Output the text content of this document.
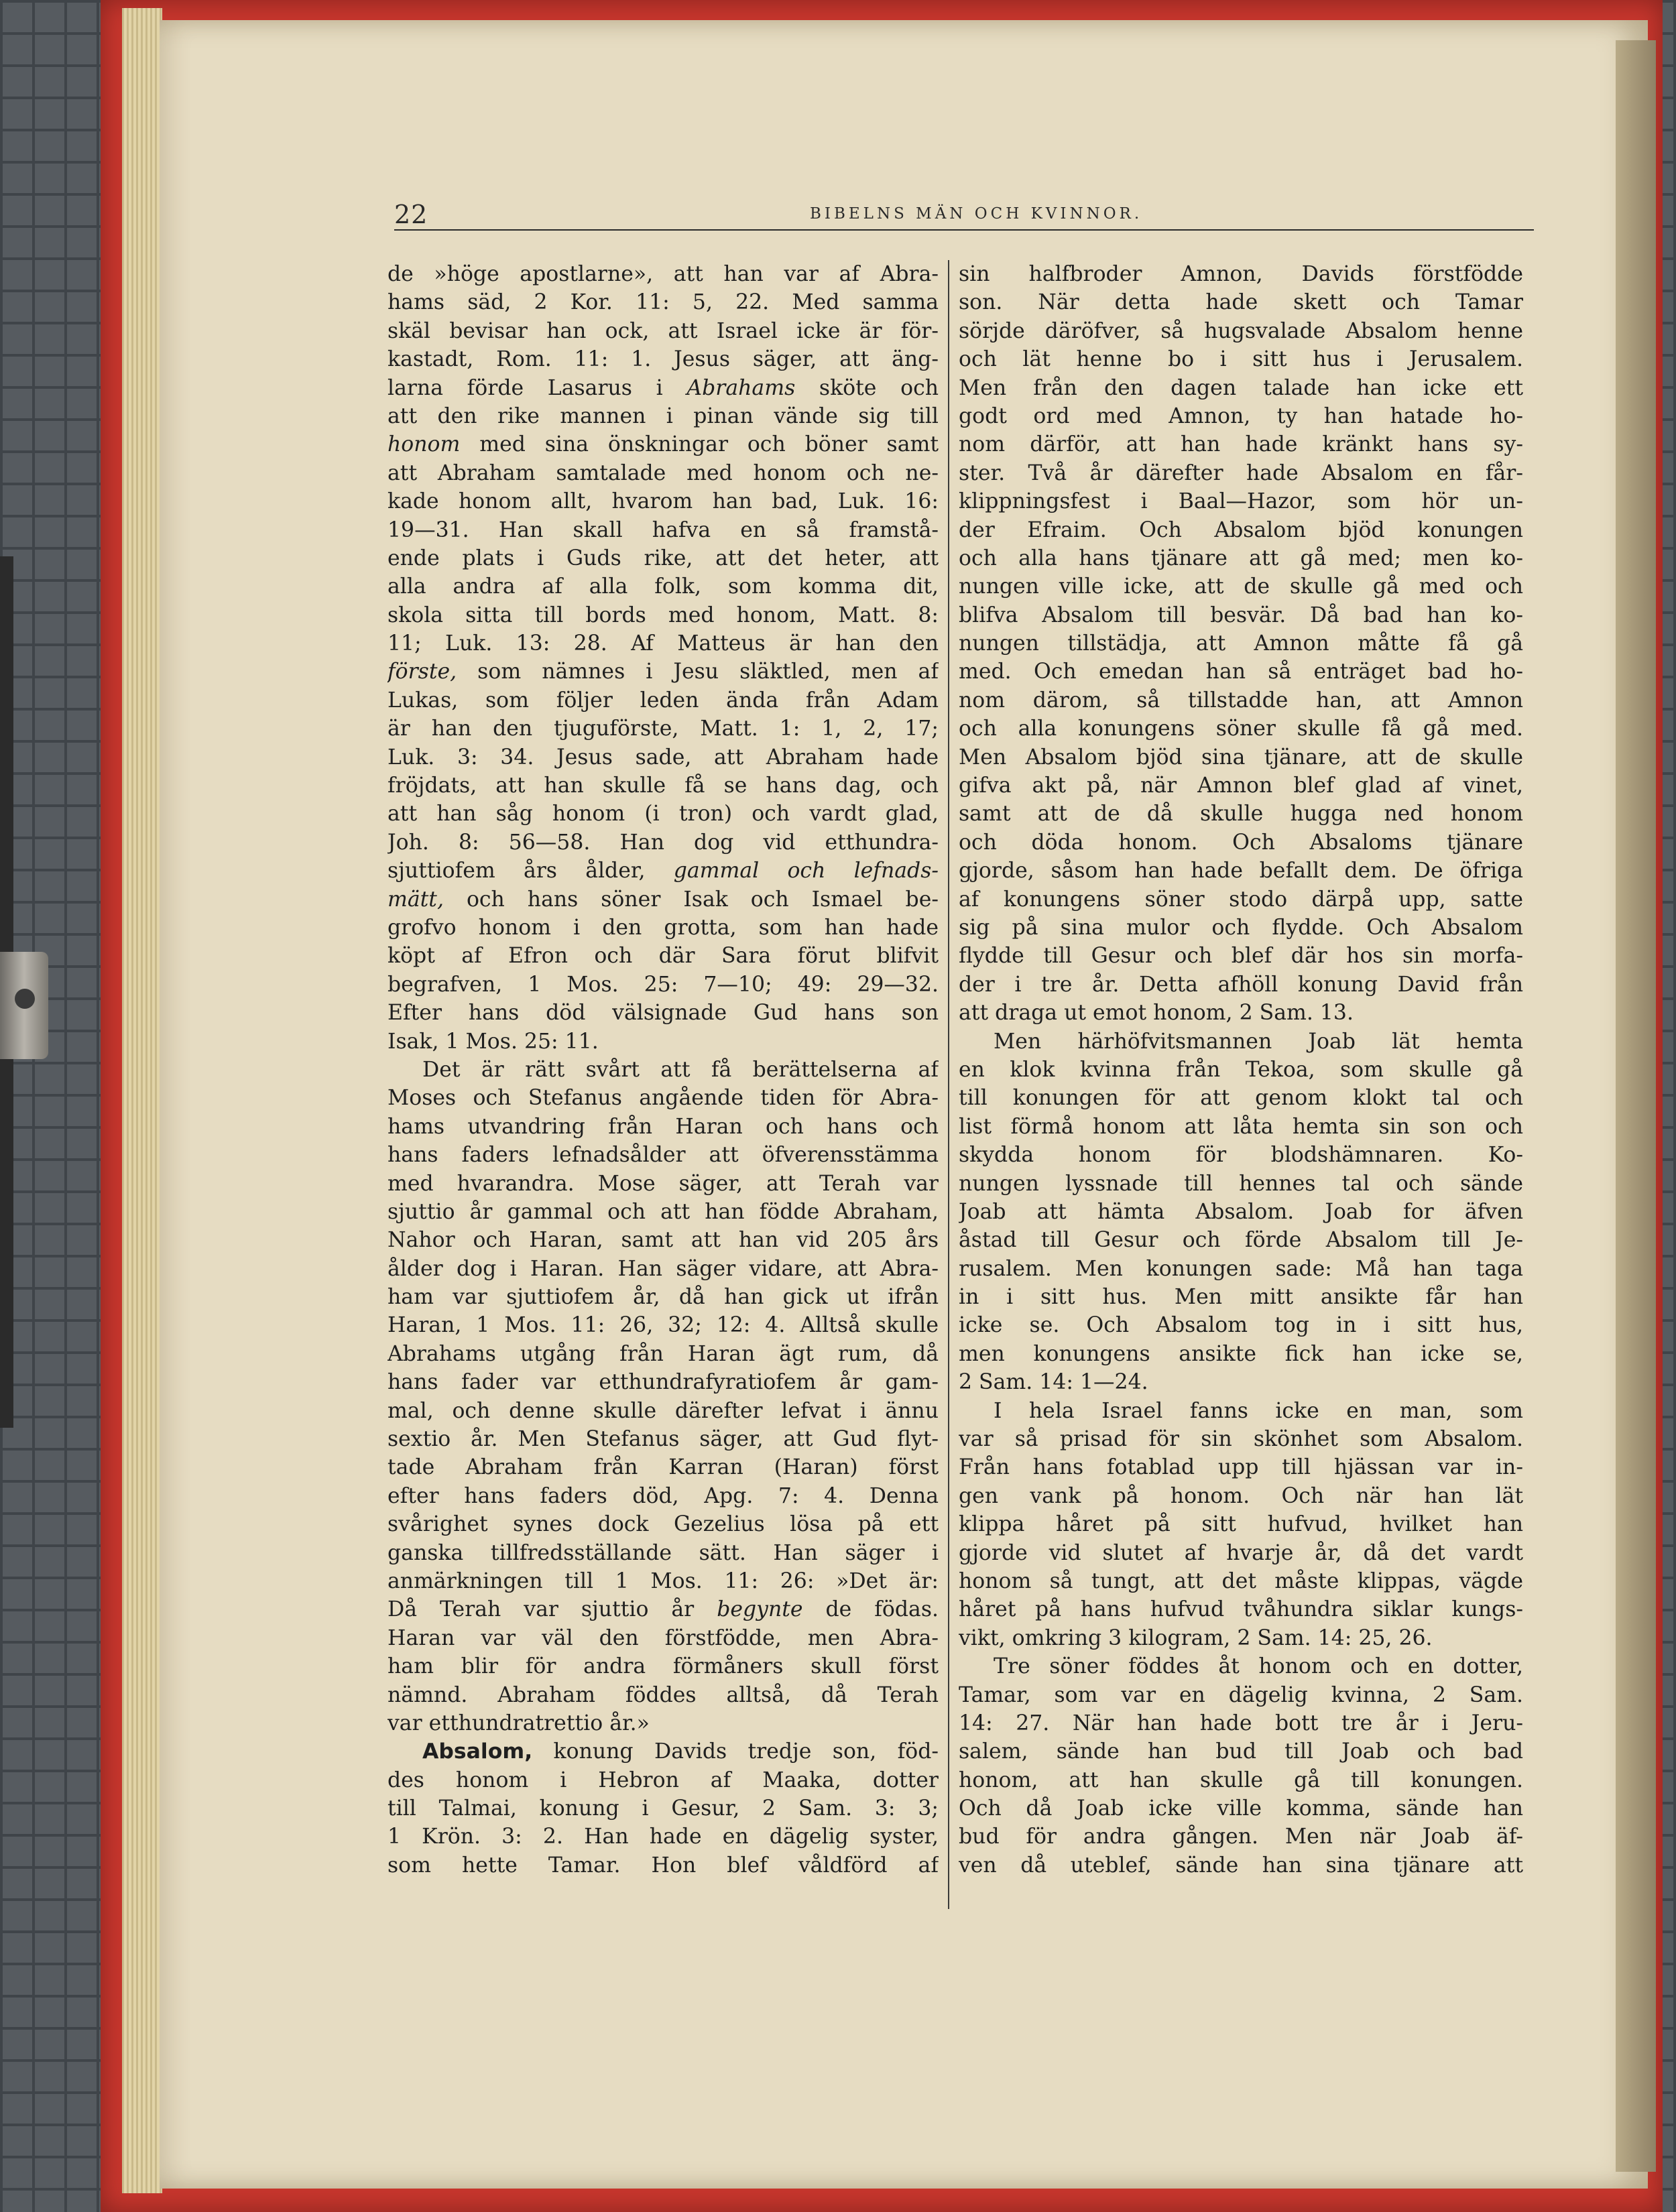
22	BIBELNS MÄN OCH KVINNOR.
de »höge apostlarne», att han var af Abra-
hams säd, 2 Kor. 11: 5, 22. Med samma
skäl bevisar han ock, att Israel icke är för-
kastadt, Rom. 11: 1. Jesus säger, att äng-
larna förde Lasarus i Abrahams sköte och
att den rike mannen i pinan vände sig till
honom med sina önskningar och böner samt
att Abraham samtalade med honom och ne-
kade honom allt, hvarom han bad, Luk. 16:
19—31. Han skall hafva en så framstå-
ende plats i Guds rike, att det heter, att
alla andra af alla folk, som komma dit,
skola sitta till bords med honom, Matt. 8:
11; Luk. 13: 28. Af Matteus är han den
förste, som nämnes i Jesu släktled, men af
Lukas, som följer leden ända från Adam
är han den tjuguförste, Matt. 1: 1, 2, 17;
Luk. 3: 34. Jesus sade, att Abraham hade
fröjdats, att han skulle få se hans dag, och
att han såg honom (i tron) och vardt glad,
Joh. 8: 56—58. Han dog vid etthundra-
sjuttiofem års ålder, gammal och lefnads-
mätt, och hans söner Isak och Ismael be-
grofvo honom i den grotta, som han hade
köpt af Efron och där Sara förut blifvit
begrafven, 1 Mos. 25: 7—10; 49: 29—32.
Efter hans död välsignade Gud hans son
Isak, 1 Mos. 25: 11.
Det är rätt svårt att få berättelserna af
Moses och Stefanus angående tiden för Abra-
hams utvandring från Haran och hans och
hans faders lefnadsålder att öfverensstämma
med hvarandra. Mose säger, att Terah var
sjuttio år gammal och att han födde Abraham,
Nahor och Haran, samt att han vid 205 års
ålder dog i Haran. Han säger vidare, att Abra-
ham var sjuttiofem år, då han gick ut ifrån
Haran, 1 Mos. 11: 26, 32; 12: 4. Alltså skulle
Abrahams utgång från Haran ägt rum, då
hans fader var etthundrafyratiofem år gam-
mal, och denne skulle därefter lefvat i ännu
sextio år. Men Stefanus säger, att Gud flyt-
tade Abraham från Karran (Haran) först
efter hans faders död, Apg. 7: 4. Denna
svårighet synes dock Gezelius lösa på ett
ganska tillfredsställande sätt. Han säger i
anmärkningen till 1 Mos. 11: 26: »Det är:
Då Terah var sjuttio år begynte de födas.
Haran var väl den förstfödde, men Abra-
ham blir för andra förmåners skull först
nämnd. Abraham föddes alltså, då Terah
var etthundratrettio år.»
Absalom, konung Davids tredje son, föd-
des honom i Hebron af Maaka, dotter
till Talmai, konung i Gesur, 2 Sam. 3: 3;
1 Krön. 3: 2. Han hade en dägelig syster,
som hette Tamar. Hon blef våldförd af
sin halfbroder Amnon, Davids förstfödde
son. När detta hade skett och Tamar
sörjde däröfver, så hugsvalade Absalom henne
och lät henne bo i sitt hus i Jerusalem.
Men från den dagen talade han icke ett
godt ord med Amnon, ty han hatade ho-
nom därför, att han hade kränkt hans sy-
ster. Två år därefter hade Absalom en får-
klippningsfest i Baal—Hazor, som hör un-
der Efraim. Och Absalom bjöd konungen
och alla hans tjänare att gå med; men ko-
nungen ville icke, att de skulle gå med och
blifva Absalom till besvär. Då bad han ko-
nungen tillstädja, att Amnon måtte få gå
med. Och emedan han så enträget bad ho-
nom därom, så tillstadde han, att Amnon
och alla konungens söner skulle få gå med.
Men Absalom bjöd sina tjänare, att de skulle
gifva akt på, när Amnon blef glad af vinet,
samt att de då skulle hugga ned honom
och döda honom. Och Absaloms tjänare
gjorde, såsom han hade befallt dem. De öfriga
af konungens söner stodo därpå upp, satte
sig på sina mulor och flydde. Och Absalom
flydde till Gesur och blef där hos sin morfa-
der i tre år. Detta afhöll konung David från
att draga ut emot honom, 2 Sam. 13.
Men härhöfvitsmannen Joab lät hemta
en klok kvinna från Tekoa, som skulle gå
till konungen för att genom klokt tal och
list förmå honom att låta hemta sin son och
skydda honom för blodshämnaren. Ko-
nungen lyssnade till hennes tal och sände
Joab att hämta Absalom. Joab for äfven
åstad till Gesur och förde Absalom till Je-
rusalem. Men konungen sade: Må han taga
in i sitt hus. Men mitt ansikte får han
icke se. Och Absalom tog in i sitt hus,
men konungens ansikte fick han icke se,
2 Sam. 14: 1—24.
I hela Israel fanns icke en man, som
var så prisad för sin skönhet som Absalom.
Från hans fotablad upp till hjässan var in-
gen vank på honom. Och när han lät
klippa håret på sitt hufvud, hvilket han
gjorde vid slutet af hvarje år, då det vardt
honom så tungt, att det måste klippas, vägde
håret på hans hufvud tvåhundra siklar kungs-
vikt, omkring 3 kilogram, 2 Sam. 14: 25, 26.
Tre söner föddes åt honom och en dotter,
Tamar, som var en dägelig kvinna, 2 Sam.
14: 27. När han hade bott tre år i Jeru-
salem, sände han bud till Joab och bad
honom, att han skulle gå till konungen.
Och då Joab icke ville komma, sände han
bud för andra gången. Men när Joab äf-
ven då uteblef, sände han sina tjänare att
